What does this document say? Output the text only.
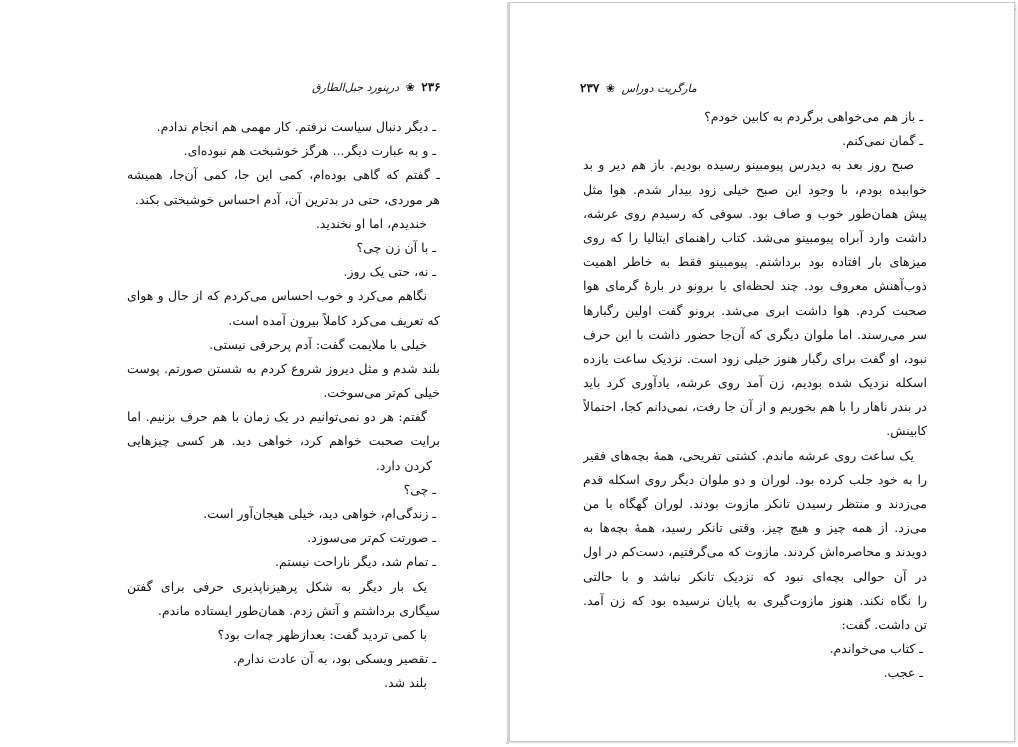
۲۳۶ ❀ درپنورد جبل‌الطارق
ـ دیگر دنبال سیاست نرفتم. کار مهمی هم انجام ندادم.
ـ و به عبارت دیگر... هرگز خوشبخت هم نبوده‌ای.
ـ گفتم که گاهی بوده‌ام، کمی این جا، کمی آن‌جا، همیشه
هر موردی، حتی در بدترین آن، آدم احساس خوشبختی بکند.
خندیدم، اما او نخندید.
ـ با آن زن چی؟
ـ نه، حتی یک روز.
نگاهم می‌کرد و خوب احساس می‌کردم که از حال و هوای
که تعریف می‌کرد کاملاً بیرون آمده است.
خیلی با ملایمت گفت: آدم پرحرفی نیستی.
بلند شدم و مثل دیروز شروع کردم به شستن صورتم. پوست
خیلی کم‌تر می‌سوخت.
گفتم: هر دو نمی‌توانیم در یک زمان با هم حرف بزنیم. اما
برایت صحبت خواهم کرد، خواهی دید. هر کسی چیزهایی
کردن دارد.
ـ چی؟
ـ زندگی‌ام، خواهی دید، خیلی هیجان‌آور است.
ـ صورتت کم‌تر می‌سوزد.
ـ تمام شد، دیگر ناراحت نیستم.
یک بار دیگر به شکل پرهیزناپذیری حرفی برای گفتن
سیگاری برداشتم و آتش زدم. همان‌طور ایستاده ماندم.
با کمی تردید گفت: بعدازظهر چه‌ات بود؟
ـ تقصیر ویسکی بود، به آن عادت ندارم.
بلند شد.
مارگریت دوراس ❀ ۲۳۷
ـ باز هم می‌خواهی برگردم به کابین خودم؟
ـ گمان نمی‌کنم.
صبح روز بعد به دیدرس پیومبینو رسیده بودیم. باز هم دیر و بد
خوابیده بودم، با وجود این صبح خیلی زود بیدار شدم. هوا مثل
پیش همان‌طور خوب و صاف بود. سوفی که رسیدم روی عرشه،
داشت وارد آبراه پیومبینو می‌شد. کتاب راهنمای ایتالیا را که روی
میزهای بار افتاده بود برداشتم. پیومبینو فقط به خاطر اهمیت
ذوب‌آهنش معروف بود. چند لحظه‌ای با برونو در بارهٔ گرمای هوا
صحبت کردم. هوا داشت ابری می‌شد. برونو گفت اولین رگبارها
سر می‌رسند. اما ملوان دیگری که آن‌جا حضور داشت با این حرف
نبود، او گفت برای رگبار هنوز خیلی زود است. نزدیک ساعت یازده
اسکله نزدیک شده بودیم، زن آمد روی عرشه، یادآوری کرد باید
در بندر ناهار را با هم بخوریم و از آن جا رفت، نمی‌دانم کجا، احتمالاً
کابینش.
یک ساعت روی عرشه ماندم. کشتی تفریحی، همهٔ بچه‌های فقیر
را به خود جلب کرده بود. لوران و دو ملوان دیگر روی اسکله قدم
می‌زدند و منتظر رسیدن تانکر مازوت بودند. لوران گهگاه با من
می‌زد. از همه چیز و هیچ چیز. وقتی تانکر رسید، همهٔ بچه‌ها به
دویدند و محاصره‌اش کردند. مازوت که می‌گرفتیم، دست‌کم در اول
در آن حوالی بچه‌ای نبود که نزدیک تانکر نباشد و با حالتی
را نگاه نکند. هنوز مازوت‌گیری به پایان نرسیده بود که زن آمد.
تن داشت. گفت:
ـ کتاب می‌خواندم.
ـ عجب.
